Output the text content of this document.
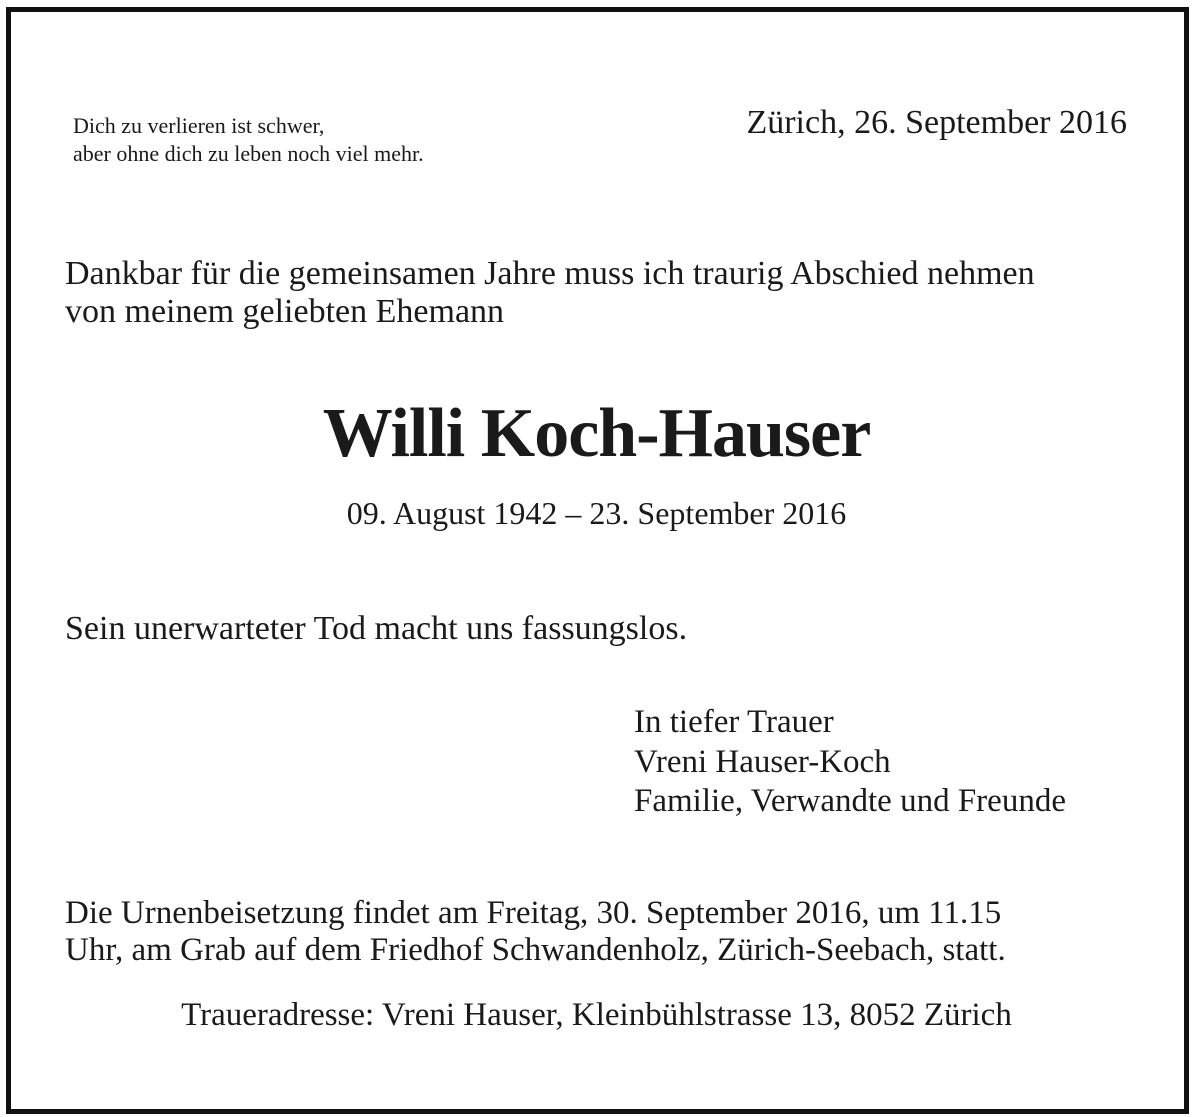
Dich zu verlieren ist schwer,
aber ohne dich zu leben noch viel mehr.
Zürich, 26. September 2016
Dankbar für die gemeinsamen Jahre muss ich traurig Abschied nehmen
von meinem geliebten Ehemann
Willi Koch-Hauser
09. August 1942 – 23. September 2016
Sein unerwarteter Tod macht uns fassungslos.
In tiefer Trauer
Vreni Hauser-Koch
Familie, Verwandte und Freunde
Die Urnenbeisetzung findet am Freitag, 30. September 2016, um 11.15
Uhr, am Grab auf dem Friedhof Schwandenholz, Zürich-Seebach, statt.
Traueradresse: Vreni Hauser, Kleinbühlstrasse 13, 8052 Zürich
